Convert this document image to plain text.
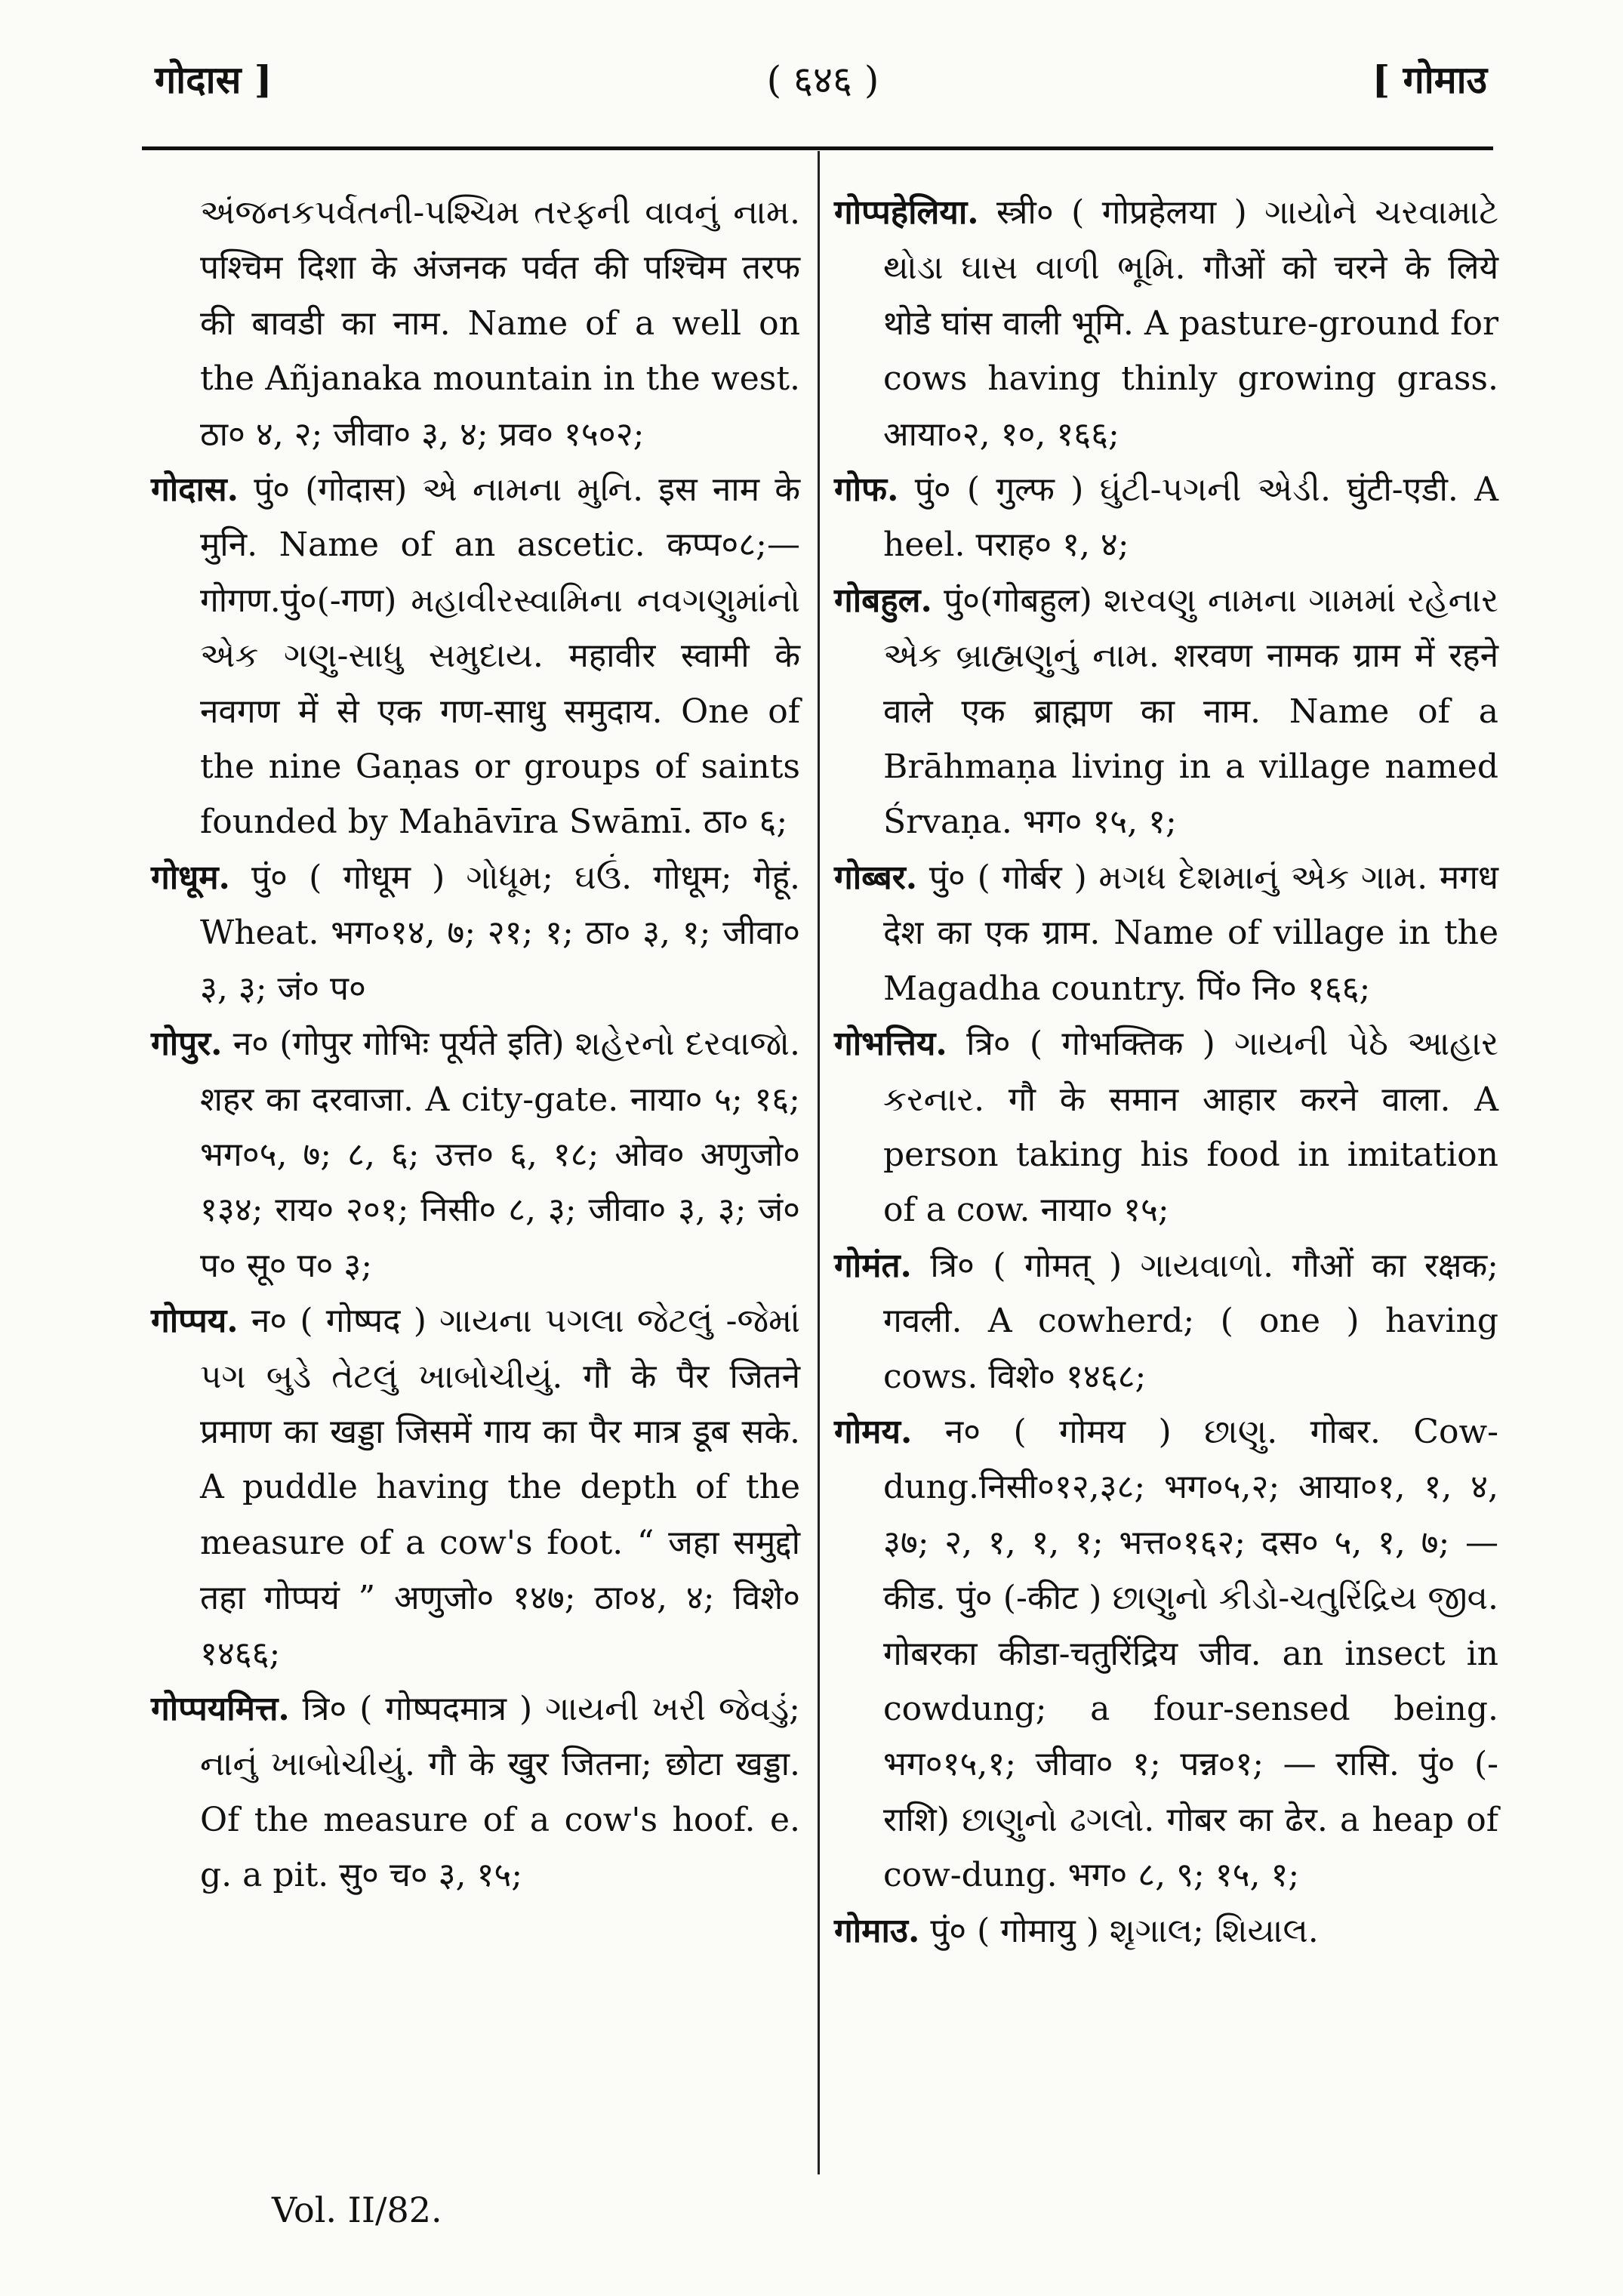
गोदास ]	( ६४६ )	[ गोमाउ

અંજનકપર્વતની-પશ્ચિમ તરફની વાવનું નામ. पश्चिम दिशा के अंजनक पर्वत की पश्चिम तरफ की बावडी का नाम. Name of a well on the Añjanaka mountain in the west. ठा० ४, २; जीवा० ३, ४; प्रव० १५०२;

गोदास. पुं० (गोदास) એ નામના મુનિ. इस नाम के मुनि. Name of an ascetic. कप्प०८;—गोगण.पुं०(-गण) મહાવીરસ્વામિના નવગણુમાંનો એક ગણુ-સાધુ સમુદાય. महावीर स्वामी के नवगण में से एक गण-साधु समुदाय. One of the nine Gaṇas or groups of saints founded by Mahāvīra Swāmī. ठा० ६;

गोधूम. पुं० ( गोधूम ) ગોધૂમ; ઘઉં. गोधूम; गेहूं. Wheat. भग०१४, ७; २१; १; ठा० ३, १; जीवा० ३, ३; जं० प०

गोपुर. न० (गोपुर गोभिः पूर्यते इति) શહેરનો દરવાજો. शहर का दरवाजा. A city-gate. नाया० ५; १६; भग०५, ७; ८, ६; उत्त० ६, १८; ओव० अणुजो० १३४; राय० २०१; निसी० ८, ३; जीवा० ३, ३; जं० प० सू० प० ३;

गोप्पय. न० ( गोष्पद ) ગાયના પગલા જેટલું -જેમાં પગ બુડે તેટલું ખાબોચીયું. गौ के पैर जितने प्रमाण का खड्डा जिसमें गाय का पैर मात्र डूब सके. A puddle having the depth of the measure of a cow's foot. “ जहा समुद्दो तहा गोप्पयं ” अणुजो० १४७; ठा०४, ४; विशे० १४६६;

गोप्पयमित्त. त्रि० ( गोष्पदमात्र ) ગાયની ખરી જેવડું; નાનું ખાબોચીયું. गौ के खुर जितना; छोटा खड्डा. Of the measure of a cow's hoof. e. g. a pit. सु० च० ३, १५;

गोप्पहेलिया. स्त्री० ( गोप्रहेलया ) ગાયોને ચરવામાટે થોડા ઘાસ વાળી ભૂમિ. गौओं को चरने के लिये थोडे घांस वाली भूमि. A pasture-ground for cows having thinly growing grass. आया०२, १०, १६६;

गोफ. पुं० ( गुल्फ ) ઘુંટી-પગની એડી. घुंटी-एडी. A heel. पराह० १, ४;

गोबहुल. पुं०(गोबहुल) શરવણુ નામના ગામમાં રહેનાર એક બ્રાહ્મણુનું નામ. शरवण नामक ग्राम में रहने वाले एक ब्राह्मण का नाम. Name of a Brāhmaṇa living in a village named Śrvaṇa. भग० १५, १;

गोब्बर. पुं० ( गोर्बर ) મગધ દેશમાનું એક ગામ. मगध देश का एक ग्राम. Name of village in the Magadha country. पिं० नि० १६६;

गोभत्तिय. त्रि० ( गोभक्तिक ) ગાયની પેઠે આહાર કરનાર. गौ के समान आहार करने वाला. A person taking his food in imitation of a cow. नाया० १५;

गोमंत. त्रि० ( गोमत् ) ગાયવાળો. गौओं का रक्षक; गवली. A cowherd; ( one ) having cows. विशे० १४६८;

गोमय. न० ( गोमय ) છાણુ. गोबर. Cow-dung.निसी०१२,३८; भग०५,२; आया०१, १, ४, ३७; २, १, १, १; भत्त०१६२; दस० ५, १, ७; —कीड. पुं० (-कीट ) છાણુનો કીડો-ચતુરિંદ્રિય જીવ. गोबरका कीडा-चतुरिंद्रिय जीव. an insect in cowdung; a four-sensed being. भग०१५,१; जीवा० १; पन्न०१; — रासि. पुं० (-राशि) છાણુનો ઢગલો. गोबर का ढेर. a heap of cow-dung. भग० ८, ९; १५, १;

गोमाउ. पुं० ( गोमायु ) શૃગાલ; શિયાલ.

Vol. II/82.
